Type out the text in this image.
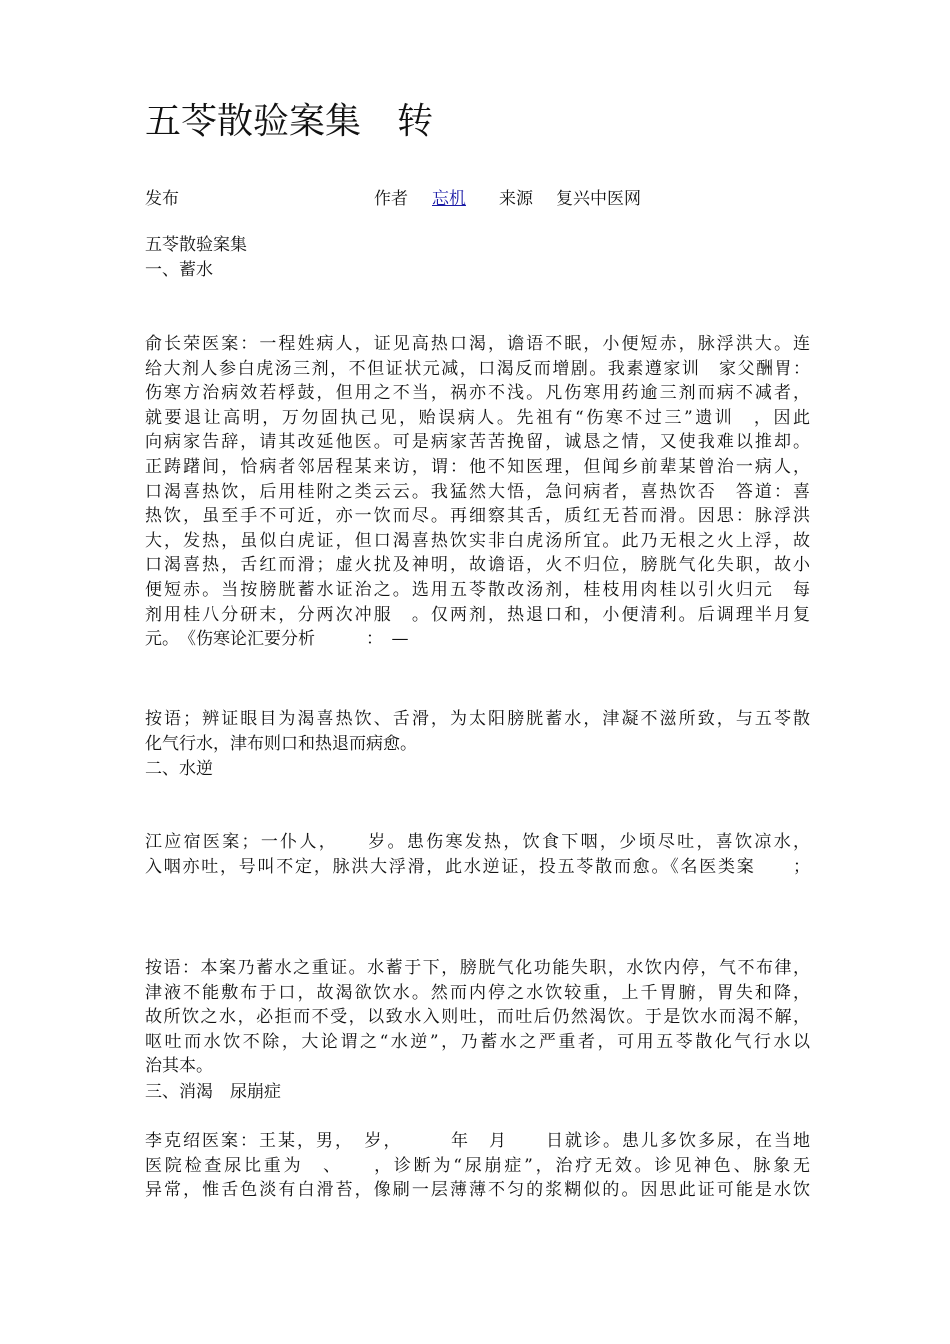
五苓散验案集　转
发布	作者 忘机 来源 复兴中医网
五苓散验案集
一、蓄水
俞长荣医案：一程姓病人，证见高热口渴，谵语不眠，小便短赤，脉浮洪大。连
给大剂人参白虎汤三剂，不但证状元减，口渴反而增剧。我素遵家训　家父酬胃：
伤寒方治病效若桴鼓，但用之不当，祸亦不浅。凡伤寒用药逾三剂而病不减者，
就要退让高明，万勿固执己见，贻误病人。先祖有“伤寒不过三”遗训　，因此
向病家告辞，请其改延他医。可是病家苦苦挽留，诚恳之情，又使我难以推却。
正踌躇间，恰病者邻居程某来访，谓：他不知医理，但闻乡前辈某曾治一病人，
口渴喜热饮，后用桂附之类云云。我猛然大悟，急问病者，喜热饮否　答道：喜
热饮，虽至手不可近，亦一饮而尽。再细察其舌，质红无苔而滑。因思：脉浮洪
大，发热，虽似白虎证，但口渴喜热饮实非白虎汤所宜。此乃无根之火上浮，故
口渴喜热，舌红而滑；虚火扰及神明，故谵语，火不归位，膀胱气化失职，故小
便短赤。当按膀胱蓄水证治之。选用五苓散改汤剂，桂枝用肉桂以引火归元　每
剂用桂八分研末，分两次冲服　。仅两剂，热退口和，小便清利。后调理半月复
元。　《伤寒论汇要分析　　　：　—
按语；辨证眼目为渴喜热饮、舌滑，为太阳膀胱蓄水，津凝不滋所致，与五苓散
化气行水，津布则口和热退而病愈。
二、水逆
江应宿医案；一仆人，　　岁。患伤寒发热，饮食下咽，少顷尽吐，喜饮凉水，
入咽亦吐，号叫不定，脉洪大浮滑，此水逆证，投五苓散而愈。《名医类案　　；
按语：本案乃蓄水之重证。水蓄于下，膀胱气化功能失职，水饮内停，气不布律，
津液不能敷布于口，故渴欲饮水。然而内停之水饮较重，上千胃腑，胃失和降，
故所饮之水，必拒而不受，以致水入则吐，而吐后仍然渴饮。于是饮水而渴不解，
呕吐而水饮不除，大论谓之“水逆”，乃蓄水之严重者，可用五苓散化气行水以
治其本。
三、消渴　尿崩症
李克绍医案：王某，男，　岁，　　　年　月　　日就诊。患儿多饮多尿，在当地
医院检查尿比重为　、　　，诊断为“尿崩症”，治疗无效。诊见神色、脉象无
异常，惟舌色淡有白滑苔，像刷一层薄薄不匀的浆糊似的。因思此证可能是水饮
